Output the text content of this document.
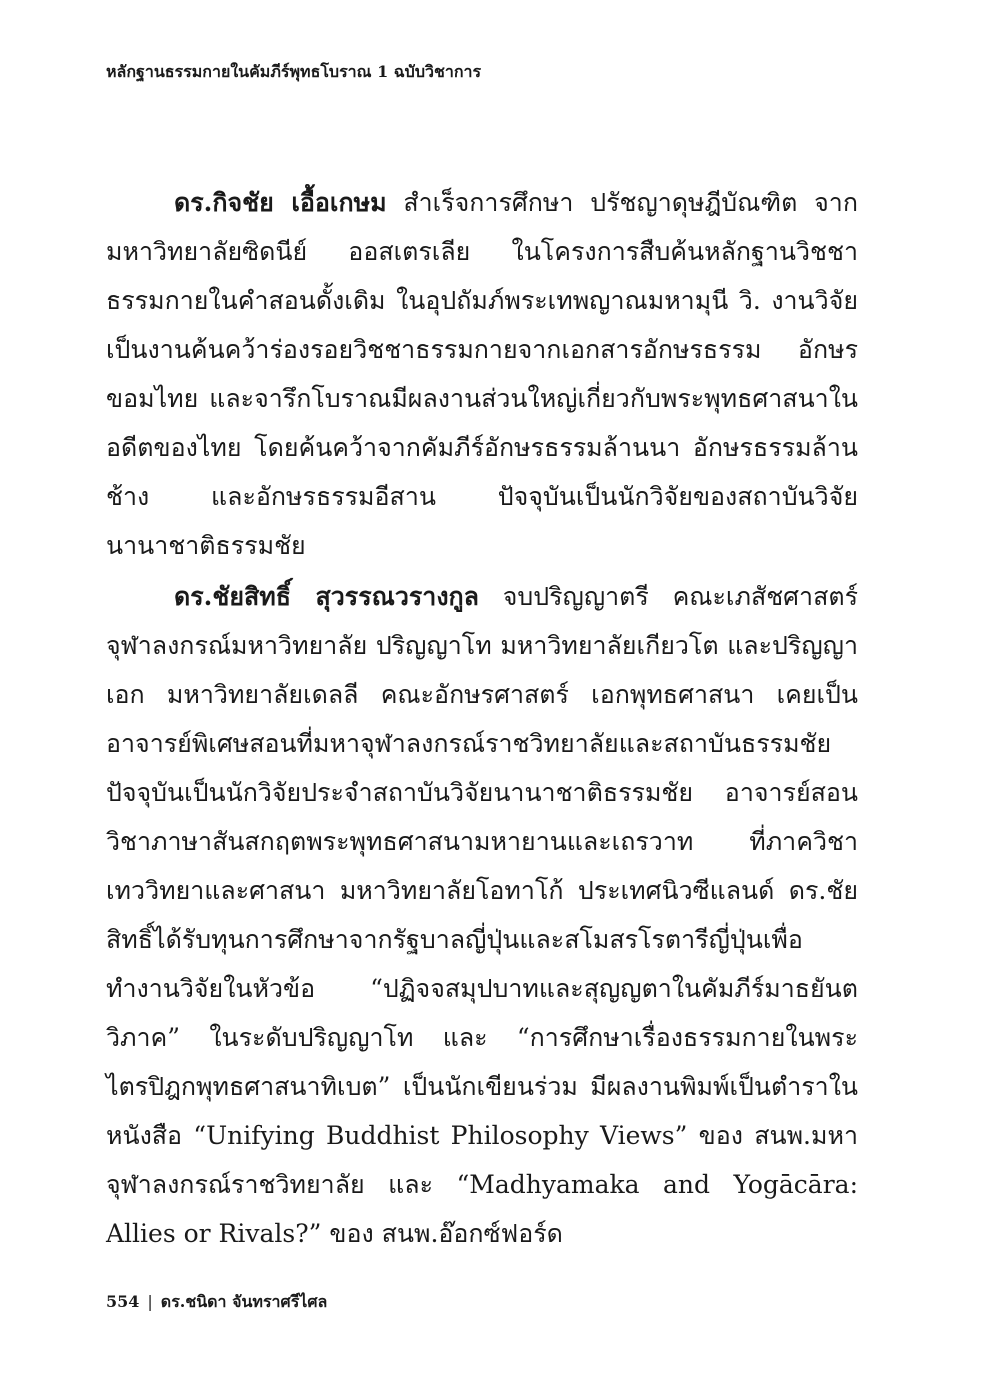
หลักฐานธรรมกายในคัมภีร์พุทธโบราณ 1 ฉบับวิชาการ

ดร.กิจชัย เอื้อเกษม สำเร็จการศึกษา ปรัชญาดุษฎีบัณฑิต จาก มหาวิทยาลัยซิดนีย์ ออสเตรเลีย ในโครงการสืบค้นหลักฐานวิชชาธรรมกายในคำสอนดั้งเดิม ในอุปถัมภ์พระเทพญาณมหามุนี วิ. งานวิจัยเป็นงานค้นคว้าร่องรอยวิชชาธรรมกายจากเอกสารอักษรธรรม อักษรขอมไทย และจารึกโบราณมีผลงานส่วนใหญ่เกี่ยวกับพระพุทธศาสนาในอดีตของไทย โดยค้นคว้าจากคัมภีร์อักษรธรรมล้านนา อักษรธรรมล้านช้าง และอักษรธรรมอีสาน ปัจจุบันเป็นนักวิจัยของสถาบันวิจัยนานาชาติธรรมชัย

ดร.ชัยสิทธิ์ สุวรรณวรางกูล จบปริญญาตรี คณะเภสัชศาสตร์ จุฬาลงกรณ์มหาวิทยาลัย ปริญญาโท มหาวิทยาลัยเกียวโต และปริญญาเอก มหาวิทยาลัยเดลลี คณะอักษรศาสตร์ เอกพุทธศาสนา เคยเป็นอาจารย์พิเศษสอนที่มหาจุฬาลงกรณ์ราชวิทยาลัยและสถาบันธรรมชัย ปัจจุบันเป็นนักวิจัยประจำสถาบันวิจัยนานาชาติธรรมชัย อาจารย์สอนวิชาภาษาสันสกฤตพระพุทธศาสนามหายานและเถรวาท ที่ภาควิชาเทววิทยาและศาสนา มหาวิทยาลัยโอทาโก้ ประเทศนิวซีแลนด์ ดร.ชัยสิทธิ์ได้รับทุนการศึกษาจากรัฐบาลญี่ปุ่นและสโมสรโรตารีญี่ปุ่นเพื่อทำงานวิจัยในหัวข้อ “ปฏิจจสมุปบาทและสุญญตาในคัมภีร์มาธยันตวิภาค” ในระดับปริญญาโท และ “การศึกษาเรื่องธรรมกายในพระไตรปิฎกพุทธศาสนาทิเบต” เป็นนักเขียนร่วม มีผลงานพิมพ์เป็นตำราในหนังสือ “Unifying Buddhist Philosophy Views” ของ สนพ.มหาจุฬาลงกรณ์ราชวิทยาลัย และ “Madhyamaka and Yogācāra: Allies or Rivals?” ของ สนพ.อ๊อกซ์ฟอร์ด

554 | ดร.ชนิดา จันทราศรีไศล
